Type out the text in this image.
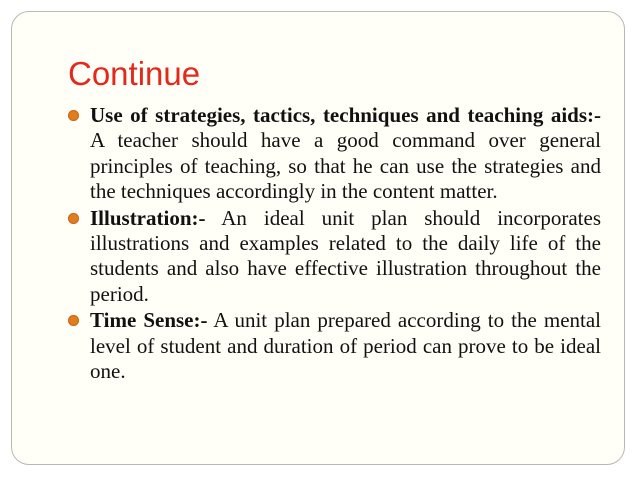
Continue
Use of strategies, tactics, techniques and teaching aids:- A teacher should have a good command over general principles of teaching, so that he can use the strategies and the techniques accordingly in the content matter.
Illustration:- An ideal unit plan should incorporates illustrations and examples related to the daily life of the students and also have effective illustration throughout the period.
Time Sense:- A unit plan prepared according to the mental level of student and duration of period can prove to be ideal one.
